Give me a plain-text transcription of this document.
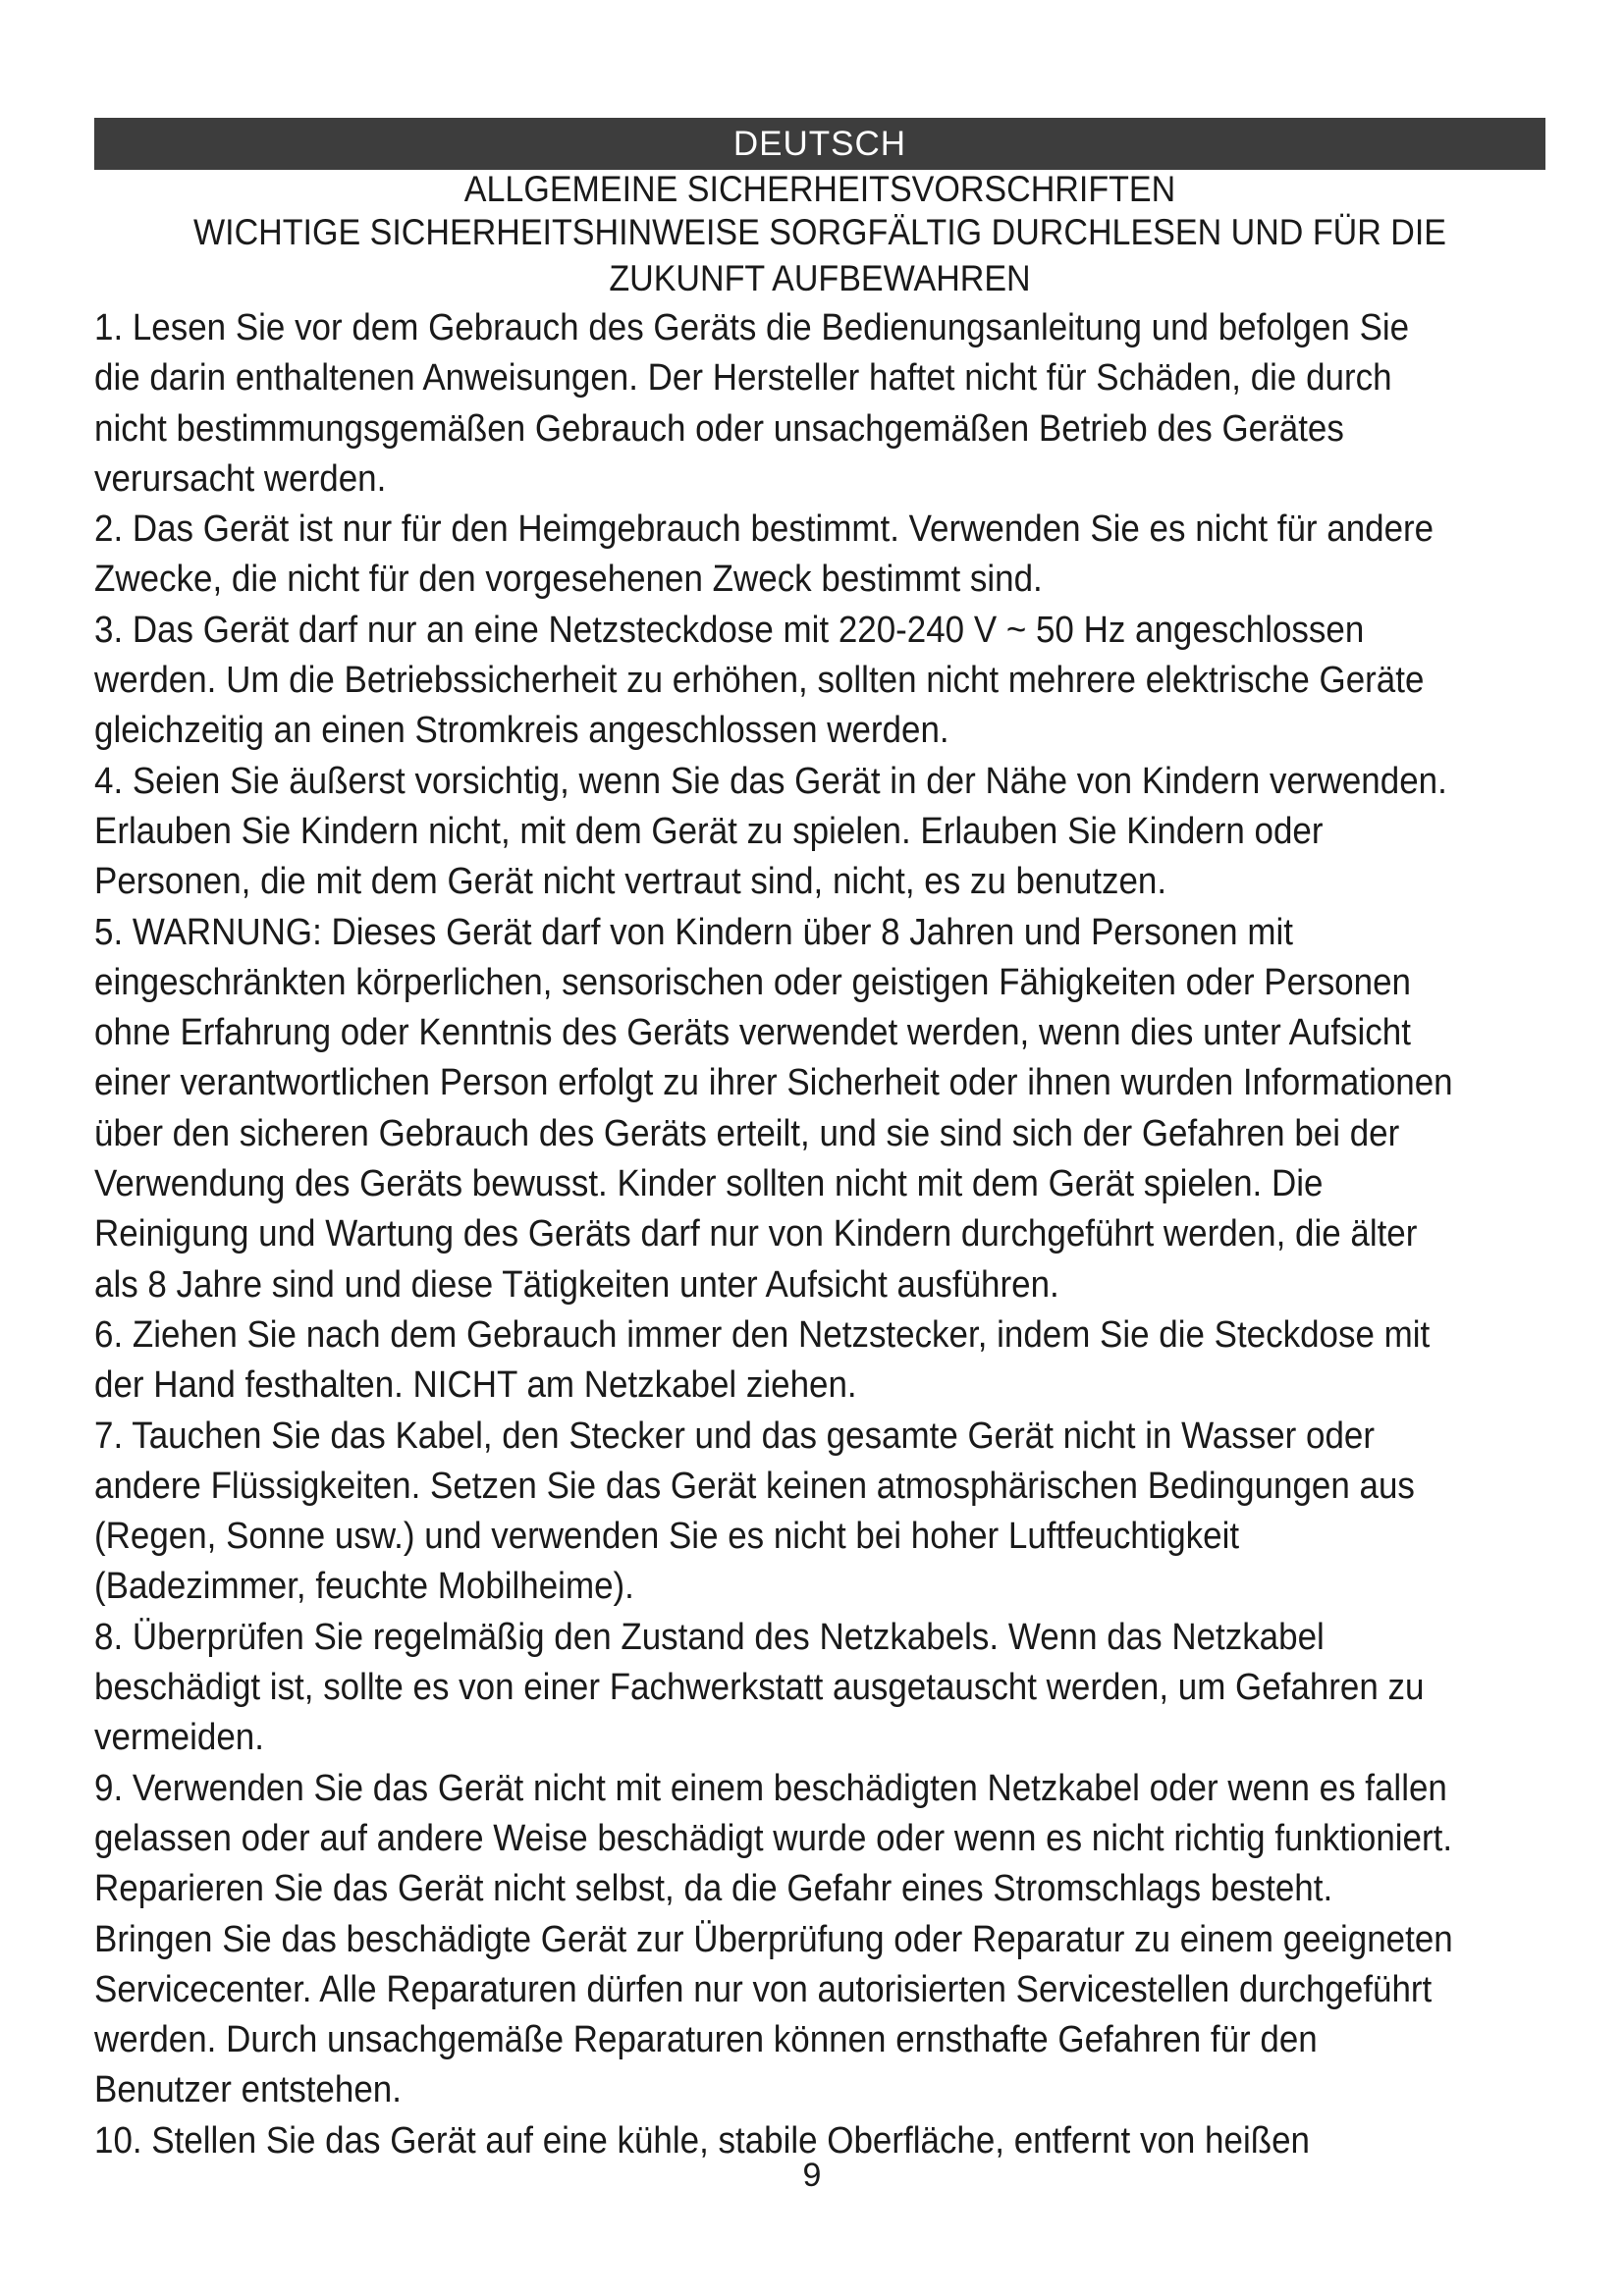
DEUTSCH
ALLGEMEINE SICHERHEITSVORSCHRIFTEN
WICHTIGE SICHERHEITSHINWEISE SORGFÄLTIG DURCHLESEN UND FÜR DIE
ZUKUNFT AUFBEWAHREN
1. Lesen Sie vor dem Gebrauch des Geräts die Bedienungsanleitung und befolgen Sie
die darin enthaltenen Anweisungen. Der Hersteller haftet nicht für Schäden, die durch
nicht bestimmungsgemäßen Gebrauch oder unsachgemäßen Betrieb des Gerätes
verursacht werden.
2. Das Gerät ist nur für den Heimgebrauch bestimmt. Verwenden Sie es nicht für andere
Zwecke, die nicht für den vorgesehenen Zweck bestimmt sind.
3. Das Gerät darf nur an eine Netzsteckdose mit 220-240 V ~ 50 Hz angeschlossen
werden. Um die Betriebssicherheit zu erhöhen, sollten nicht mehrere elektrische Geräte
gleichzeitig an einen Stromkreis angeschlossen werden.
4. Seien Sie äußerst vorsichtig, wenn Sie das Gerät in der Nähe von Kindern verwenden.
Erlauben Sie Kindern nicht, mit dem Gerät zu spielen. Erlauben Sie Kindern oder
Personen, die mit dem Gerät nicht vertraut sind, nicht, es zu benutzen.
5. WARNUNG: Dieses Gerät darf von Kindern über 8 Jahren und Personen mit
eingeschränkten körperlichen, sensorischen oder geistigen Fähigkeiten oder Personen
ohne Erfahrung oder Kenntnis des Geräts verwendet werden, wenn dies unter Aufsicht
einer verantwortlichen Person erfolgt zu ihrer Sicherheit oder ihnen wurden Informationen
über den sicheren Gebrauch des Geräts erteilt, und sie sind sich der Gefahren bei der
Verwendung des Geräts bewusst. Kinder sollten nicht mit dem Gerät spielen. Die
Reinigung und Wartung des Geräts darf nur von Kindern durchgeführt werden, die älter
als 8 Jahre sind und diese Tätigkeiten unter Aufsicht ausführen.
6. Ziehen Sie nach dem Gebrauch immer den Netzstecker, indem Sie die Steckdose mit
der Hand festhalten. NICHT am Netzkabel ziehen.
7. Tauchen Sie das Kabel, den Stecker und das gesamte Gerät nicht in Wasser oder
andere Flüssigkeiten. Setzen Sie das Gerät keinen atmosphärischen Bedingungen aus
(Regen, Sonne usw.) und verwenden Sie es nicht bei hoher Luftfeuchtigkeit
(Badezimmer, feuchte Mobilheime).
8. Überprüfen Sie regelmäßig den Zustand des Netzkabels. Wenn das Netzkabel
beschädigt ist, sollte es von einer Fachwerkstatt ausgetauscht werden, um Gefahren zu
vermeiden.
9. Verwenden Sie das Gerät nicht mit einem beschädigten Netzkabel oder wenn es fallen
gelassen oder auf andere Weise beschädigt wurde oder wenn es nicht richtig funktioniert.
Reparieren Sie das Gerät nicht selbst, da die Gefahr eines Stromschlags besteht.
Bringen Sie das beschädigte Gerät zur Überprüfung oder Reparatur zu einem geeigneten
Servicecenter. Alle Reparaturen dürfen nur von autorisierten Servicestellen durchgeführt
werden. Durch unsachgemäße Reparaturen können ernsthafte Gefahren für den
Benutzer entstehen.
10. Stellen Sie das Gerät auf eine kühle, stabile Oberfläche, entfernt von heißen
9
